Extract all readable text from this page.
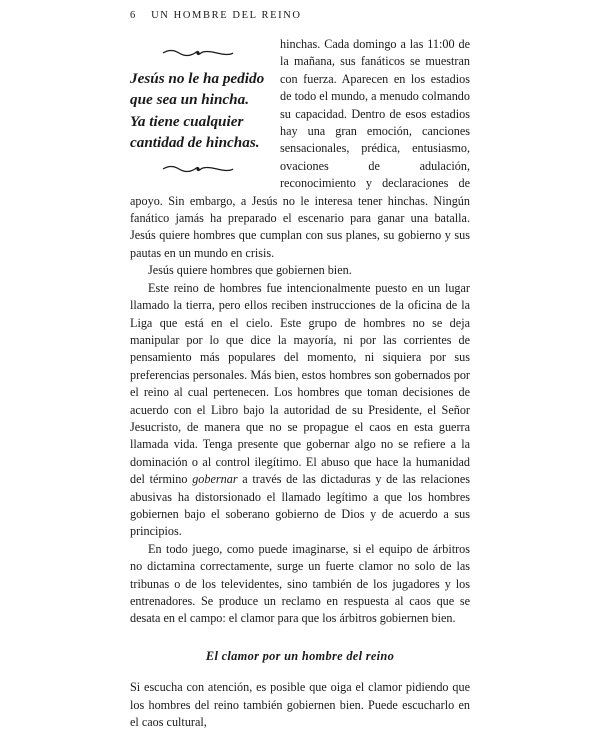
6 UN HOMBRE DEL REINO

Jesús no le ha pedido que sea un hincha. Ya tiene cualquier cantidad de hinchas.
hinchas. Cada domingo a las 11:00 de la mañana, sus fanáticos se muestran con fuerza. Aparecen en los estadios de todo el mundo, a menudo colmando su capacidad. Dentro de esos estadios hay una gran emoción, canciones sensacionales, prédica, entusiasmo, ovaciones de adulación, reconocimiento y declaraciones de apoyo. Sin embargo, a Jesús no le interesa tener hinchas. Ningún fanático jamás ha preparado el escenario para ganar una batalla. Jesús quiere hombres que cumplan con sus planes, su gobierno y sus pautas en un mundo en crisis.

Jesús quiere hombres que gobiernen bien.

Este reino de hombres fue intencionalmente puesto en un lugar llamado la tierra, pero ellos reciben instrucciones de la oficina de la Liga que está en el cielo. Este grupo de hombres no se deja manipular por lo que dice la mayoría, ni por las corrientes de pensamiento más populares del momento, ni siquiera por sus preferencias personales. Más bien, estos hombres son gobernados por el reino al cual pertenecen. Los hombres que toman decisiones de acuerdo con el Libro bajo la autoridad de su Presidente, el Señor Jesucristo, de manera que no se propague el caos en esta guerra llamada vida. Tenga presente que gobernar algo no se refiere a la dominación o al control ilegítimo. El abuso que hace la humanidad del término gobernar a través de las dictaduras y de las relaciones abusivas ha distorsionado el llamado legítimo a que los hombres gobiernen bajo el soberano gobierno de Dios y de acuerdo a sus principios.

En todo juego, como puede imaginarse, si el equipo de árbitros no dictamina correctamente, surge un fuerte clamor no solo de las tribunas o de los televidentes, sino también de los jugadores y los entrenadores. Se produce un reclamo en respuesta al caos que se desata en el campo: el clamor para que los árbitros gobiernen bien.

El clamor por un hombre del reino

Si escucha con atención, es posible que oiga el clamor pidiendo que los hombres del reino también gobiernen bien. Puede escucharlo en el caos cultural,
